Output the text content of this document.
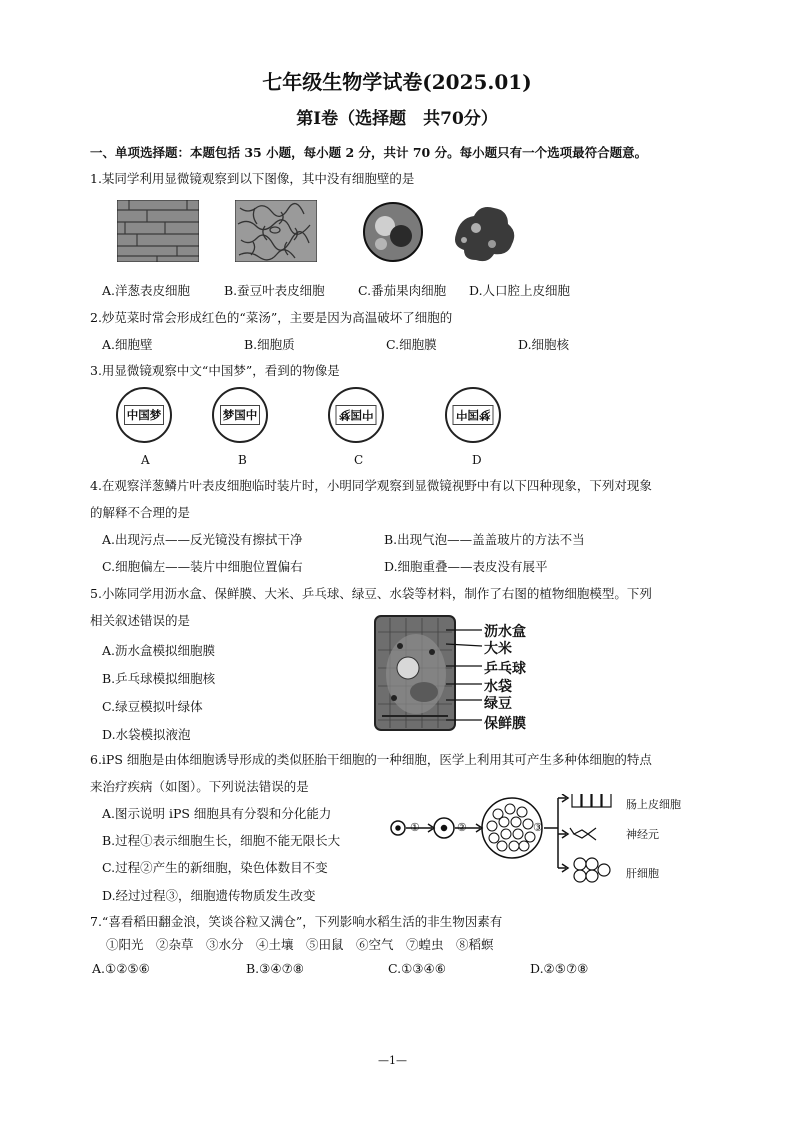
七年级生物学试卷(2025.01)
第Ⅰ卷（选择题　共70分）
一、单项选择题：本题包括 35 小题，每小题 2 分，共计 70 分。每小题只有一个选项最符合题意。
1.某同学利用显微镜观察到以下图像，其中没有细胞壁的是
A.洋葱表皮细胞	B.蚕豆叶表皮细胞	C.番茄果肉细胞 D.人口腔上皮细胞
2.炒苋菜时常会形成红色的“菜汤”，主要是因为高温破坏了细胞的
A.细胞壁	B.细胞质	C.细胞膜	D.细胞核
3.用显微镜观察中文“中国梦”，看到的物像是
中国梦	梦国中	中国梦	梦国中
A	B	C	D
4.在观察洋葱鳞片叶表皮细胞临时装片时，小明同学观察到显微镜视野中有以下四种现象，下列对现象
的解释不合理的是
A.出现污点——反光镜没有擦拭干净	B.出现气泡——盖盖玻片的方法不当
C.细胞偏左——装片中细胞位置偏右	D.细胞重叠——表皮没有展平
5.小陈同学用沥水盒、保鲜膜、大米、乒乓球、绿豆、水袋等材料，制作了右图的植物细胞模型。下列
相关叙述错误的是
A.沥水盒模拟细胞膜
B.乒乓球模拟细胞核
C.绿豆模拟叶绿体
D.水袋模拟液泡
沥水盒
大米
乒乓球
水袋
绿豆
保鲜膜
6.iPS 细胞是由体细胞诱导形成的类似胚胎干细胞的一种细胞，医学上利用其可产生多种体细胞的特点
来治疗疾病（如图）。下列说法错误的是
A.图示说明 iPS 细胞具有分裂和分化能力
B.过程①表示细胞生长，细胞不能无限长大
C.过程②产生的新细胞，染色体数目不变
D.经过过程③，细胞遗传物质发生改变
①	②	③
肠上皮细胞
神经元
肝细胞
7.“喜看稻田翻金浪，笑谈谷粒又满仓”，下列影响水稻生活的非生物因素有
①阳光　②杂草　③水分　④土壤　⑤田鼠　⑥空气　⑦蝗虫　⑧稻螟
A.①②⑤⑥	B.③④⑦⑧	C.①③④⑥	D.②⑤⑦⑧
—1—
